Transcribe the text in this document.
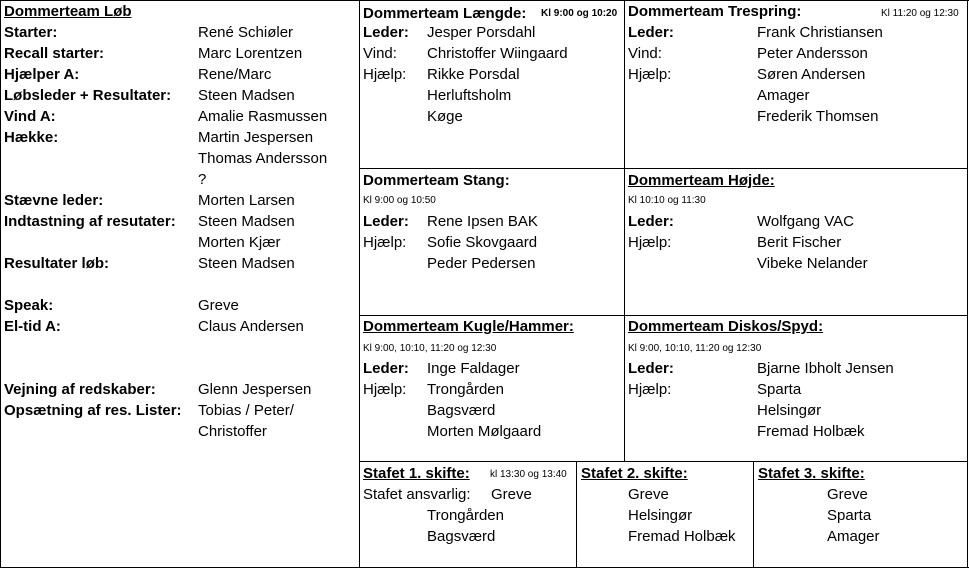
Dommerteam Løb
Starter:	René Schiøler
Recall starter:	Marc Lorentzen
Hjælper A:	Rene/Marc
Løbsleder + Resultater: Steen Madsen
Vind A:	Amalie Rasmussen
Hække:	Martin Jespersen
Thomas Andersson
?
Stævne leder:	Morten Larsen
Indtastning af resutater: Steen Madsen
Morten Kjær
Resultater løb:	Steen Madsen
Speak:	Greve
El-tid A:	Claus Andersen
Vejning af redskaber:	Glenn Jespersen
Opsætning af res. Lister: Tobias / Peter/
Christoffer
Dommerteam Længde: Kl 9:00 og 10:20
Leder: Jesper Porsdahl
Vind: Christoffer Wiingaard
Hjælp: Rikke Porsdal
Herluftsholm
Køge
Dommerteam Trespring:	Kl 11:20 og 12:30
Leder:	Frank Christiansen
Vind:	Peter Andersson
Hjælp:	Søren Andersen
Amager
Frederik Thomsen
Dommerteam Stang:
Kl 9:00 og 10:50
Leder: Rene Ipsen BAK
Hjælp: Sofie Skovgaard
Peder Pedersen
Dommerteam Højde:
Kl 10:10 og 11:30
Leder:	Wolfgang VAC
Hjælp:	Berit Fischer
Vibeke Nelander
Dommerteam Kugle/Hammer:
Kl 9:00, 10:10, 11:20 og 12:30
Leder: Inge Faldager
Hjælp: Trongården
Bagsværd
Morten Mølgaard
Dommerteam Diskos/Spyd:
Kl 9:00, 10:10, 11:20 og 12:30
Leder:	Bjarne Ibholt Jensen
Hjælp:	Sparta
Helsingør
Fremad Holbæk
Stafet 1. skifte: kl 13:30 og 13:40
Stafet ansvarlig: Greve
Trongården
Bagsværd
Stafet 2. skifte:
Greve
Helsingør
Fremad Holbæk
Stafet 3. skifte:
Greve
Sparta
Amager
